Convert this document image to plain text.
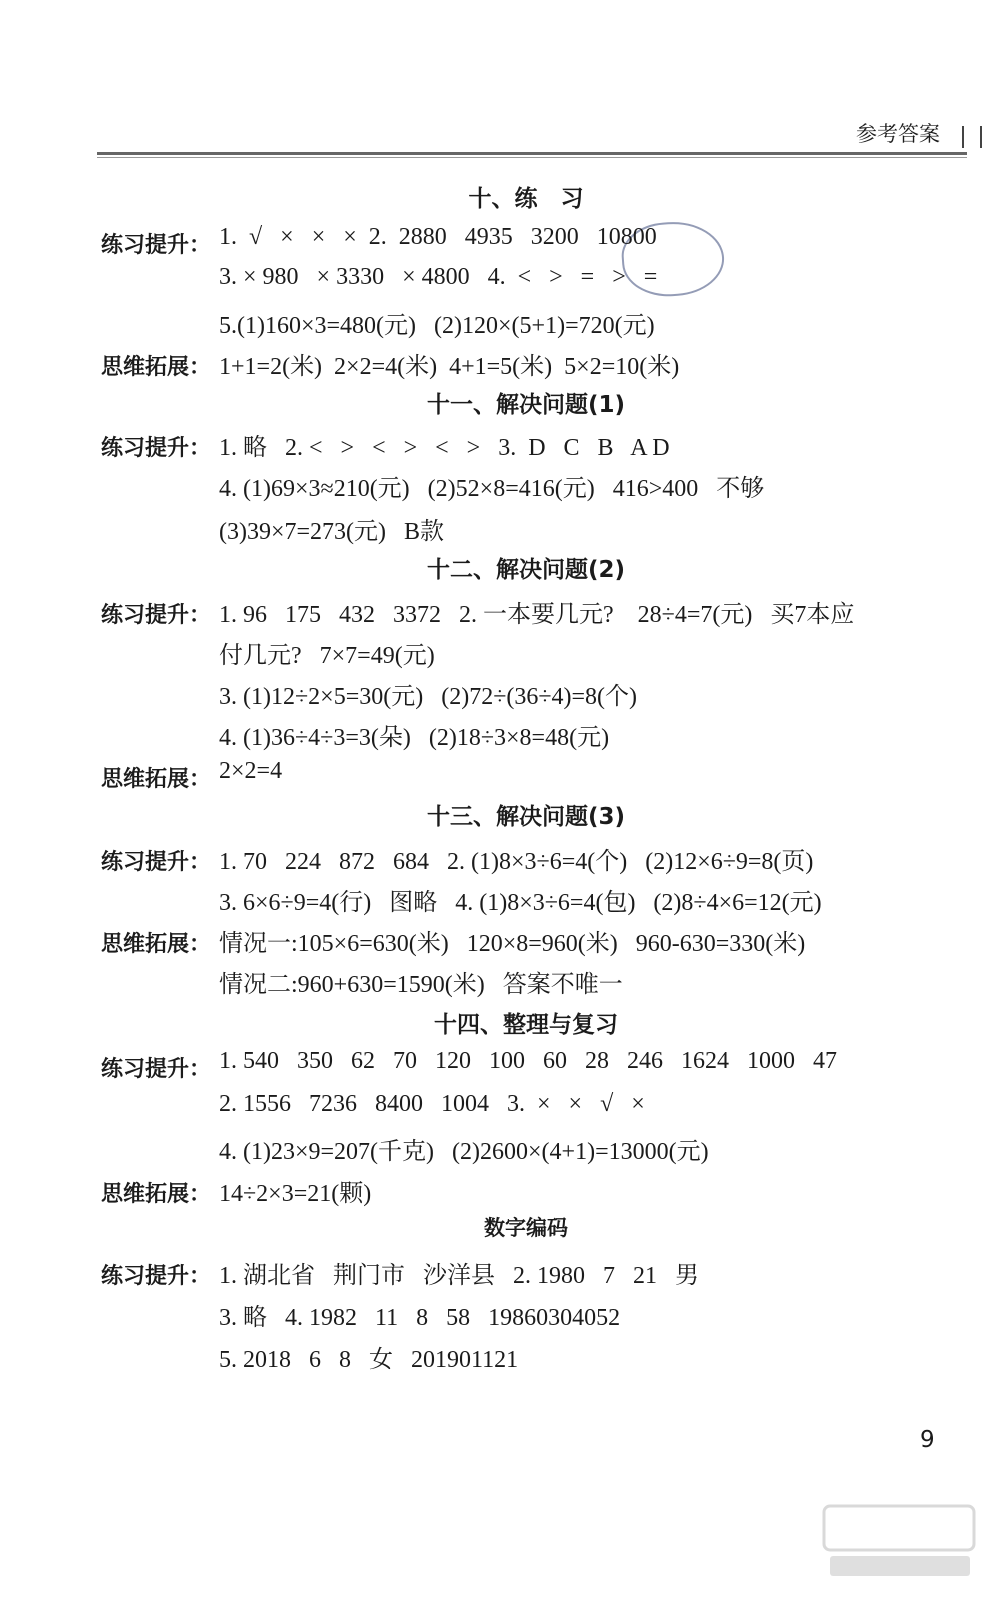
参考答案

十、练　习
练习提升： 1.  √   ×   ×   ×  2.  2880   4935   3200   10800
3. × 980   × 3330   × 4800   4.  <   >   =   >   =
5.(1)160×3=480(元)   (2)120×(5+1)=720(元)
思维拓展： 1+1=2(米)  2×2=4(米)  4+1=5(米)  5×2=10(米)
十一、解决问题(1)
练习提升： 1. 略   2. <   >   <   >   <   >   3.  D   C   B   A D
4. (1)69×3≈210(元)   (2)52×8=416(元)   416>400   不够
(3)39×7=273(元)   B款
十二、解决问题(2)
练习提升： 1. 96   175   432   3372   2. 一本要几元?    28÷4=7(元)   买7本应
付几元?   7×7=49(元)
3. (1)12÷2×5=30(元)   (2)72÷(36÷4)=8(个)
4. (1)36÷4÷3=3(朵)   (2)18÷3×8=48(元)
思维拓展： 2×2=4
十三、解决问题(3)
练习提升： 1. 70   224   872   684   2. (1)8×3÷6=4(个)   (2)12×6÷9=8(页)
3. 6×6÷9=4(行)   图略   4. (1)8×3÷6=4(包)   (2)8÷4×6=12(元)
思维拓展： 情况一:105×6=630(米)   120×8=960(米)   960-630=330(米)
情况二:960+630=1590(米)   答案不唯一
十四、整理与复习
练习提升： 1. 540   350   62   70   120   100   60   28   246   1624   1000   47
2. 1556   7236   8400   1004   3.  ×   ×   √   ×
4. (1)23×9=207(千克)   (2)2600×(4+1)=13000(元)
思维拓展： 14÷2×3=21(颗)
数字编码
练习提升： 1. 湖北省   荆门市   沙洋县   2. 1980   7   21   男
3. 略   4. 1982   11   8   58   19860304052
5. 2018   6   8   女   201901121
9
